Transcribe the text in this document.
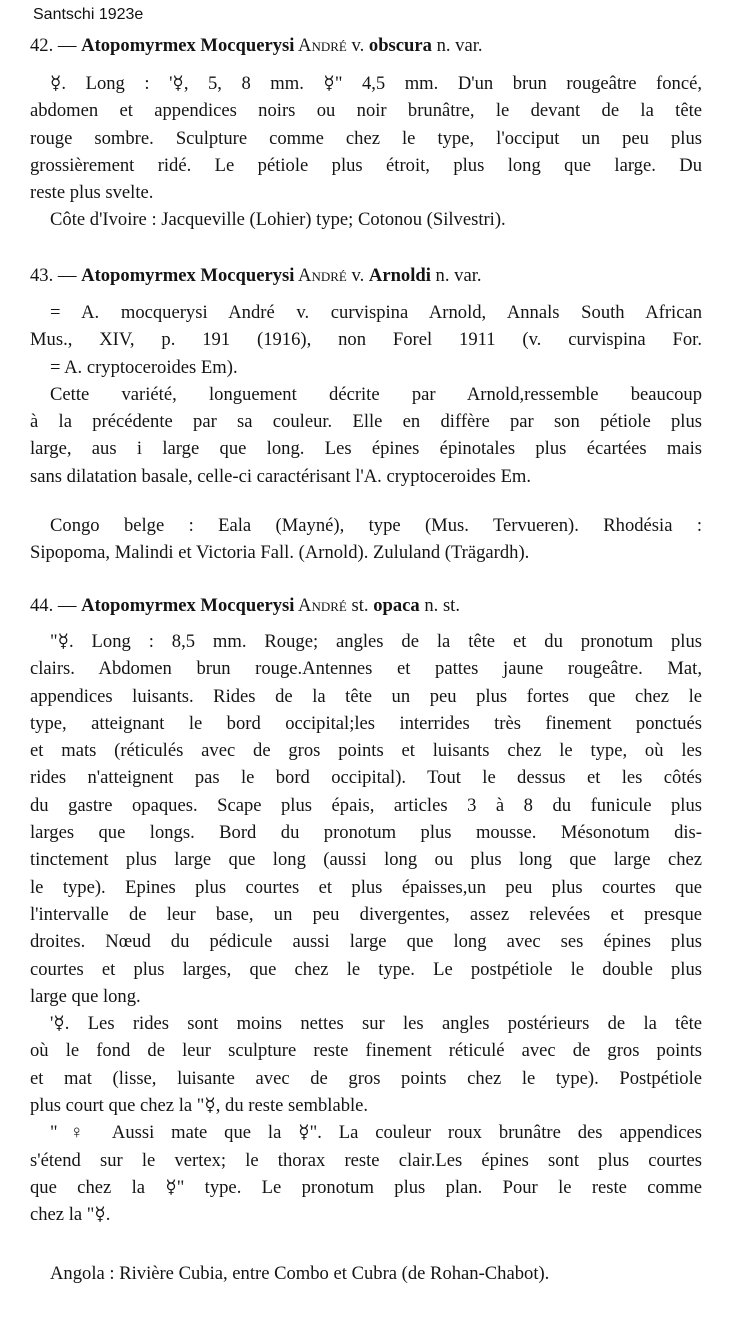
Santschi 1923e
42. — Atopomyrmex Mocquerysi André v. obscura n. var.

☿. Long : '☿, 5, 8 mm. ☿" 4,5 mm. D'un brun rougeâtre foncé,

abdomen et appendices noirs ou noir brunâtre, le devant de la tête

rouge sombre. Sculpture comme chez le type, l'occiput un peu plus

grossièrement ridé. Le pétiole plus étroit, plus long que large. Du

reste plus svelte.

Côte d'Ivoire : Jacqueville (Lohier) type; Cotonou (Silvestri).

43. — Atopomyrmex Mocquerysi André v. Arnoldi n. var.

= A. mocquerysi André v. curvispina Arnold, Annals South African

Mus., XIV, p. 191 (1916), non Forel 1911 (v. curvispina For.

= A. cryptoceroides Em).

Cette variété, longuement décrite par Arnold,ressemble beaucoup

à la précédente par sa couleur. Elle en diffère par son pétiole plus

large, aus i large que long. Les épines épinotales plus écartées mais

sans dilatation basale, celle-ci caractérisant l'A. cryptoceroides Em.

Congo belge : Eala (Mayné), type (Mus. Tervueren). Rhodésia :

Sipopoma, Malindi et Victoria Fall. (Arnold). Zululand (Trägardh).

44. — Atopomyrmex Mocquerysi André st. opaca n. st.

"☿. Long : 8,5 mm. Rouge; angles de la tête et du pronotum plus

clairs. Abdomen brun rouge.Antennes et pattes jaune rougeâtre. Mat,

appendices luisants. Rides de la tête un peu plus fortes que chez le

type, atteignant le bord occipital;les interrides très finement ponctués

et mats (réticulés avec de gros points et luisants chez le type, où les

rides n'atteignent pas le bord occipital). Tout le dessus et les côtés

du gastre opaques. Scape plus épais, articles 3 à 8 du funicule plus

larges que longs. Bord du pronotum plus mousse. Mésonotum dis-

tinctement plus large que long (aussi long ou plus long que large chez

le type). Epines plus courtes et plus épaisses,un peu plus courtes que

l'intervalle de leur base, un peu divergentes, assez relevées et presque

droites. Nœud du pédicule aussi large que long avec ses épines plus

courtes et plus larges, que chez le type. Le postpétiole le double plus

large que long.

'☿. Les rides sont moins nettes sur les angles postérieurs de la tête

où le fond de leur sculpture reste finement réticulé avec de gros points

et mat (lisse, luisante avec de gros points chez le type). Postpétiole

plus court que chez la "☿, du reste semblable.

"♀ Aussi mate que la ☿". La couleur roux brunâtre des appendices

s'étend sur le vertex; le thorax reste clair.Les épines sont plus courtes

que chez la ☿" type. Le pronotum plus plan. Pour le reste comme

chez la "☿.

Angola : Rivière Cubia, entre Combo et Cubra (de Rohan-Chabot).
